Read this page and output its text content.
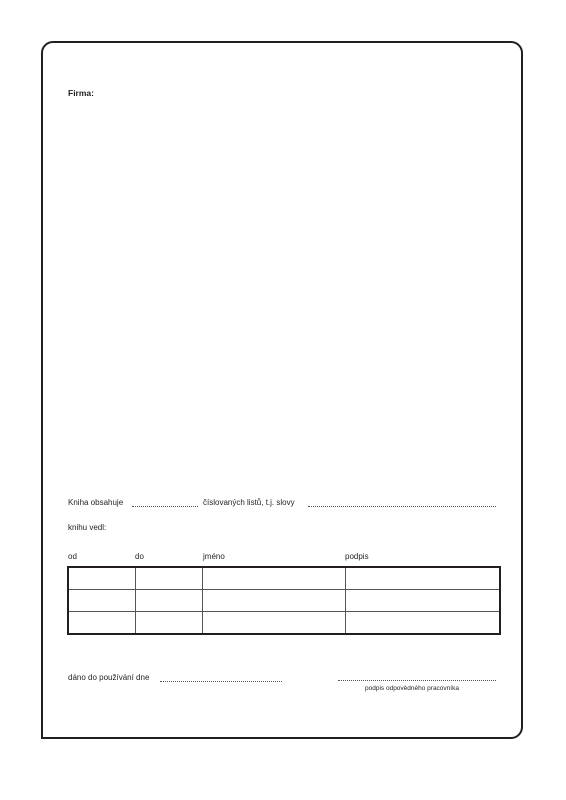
Firma:
Kniha obsahuje	číslovaných listů, t.j. slovy
knihu vedl:
od	do	jméno	podpis

dáno do používání dne
podpis odpovědného pracovníka
